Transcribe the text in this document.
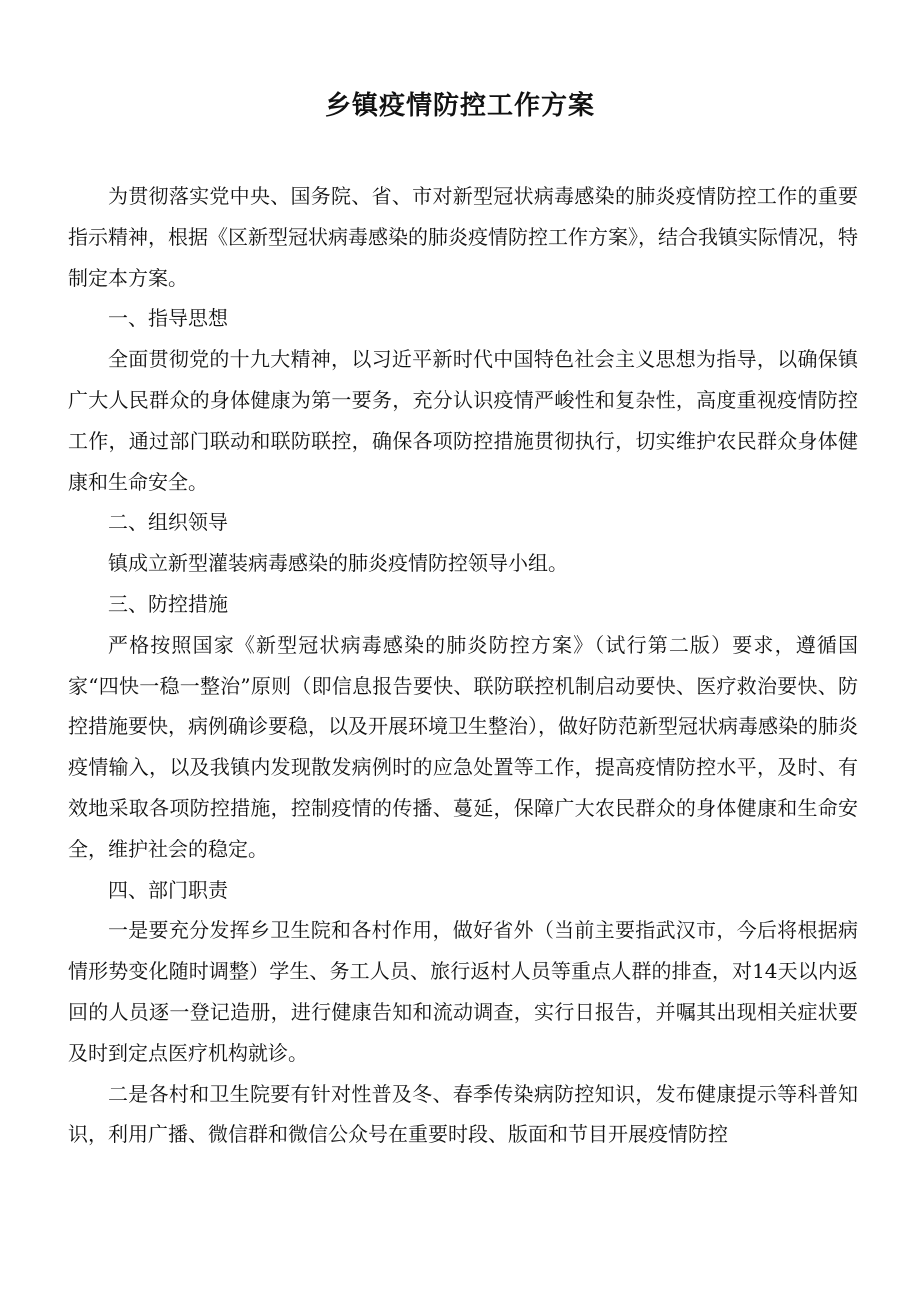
乡镇疫情防控工作方案

为贯彻落实党中央、国务院、省、市对新型冠状病毒感染的肺炎疫情防控工作的重要指示精神，根据《区新型冠状病毒感染的肺炎疫情防控工作方案》，结合我镇实际情况，特制定本方案。

一、指导思想

全面贯彻党的十九大精神，以习近平新时代中国特色社会主义思想为指导，以确保镇广大人民群众的身体健康为第一要务，充分认识疫情严峻性和复杂性，高度重视疫情防控工作，通过部门联动和联防联控，确保各项防控措施贯彻执行，切实维护农民群众身体健康和生命安全。

二、组织领导

镇成立新型灌装病毒感染的肺炎疫情防控领导小组。

三、防控措施

严格按照国家《新型冠状病毒感染的肺炎防控方案》（试行第二版）要求，遵循国家“四快一稳一整治”原则（即信息报告要快、联防联控机制启动要快、医疗救治要快、防控措施要快，病例确诊要稳，以及开展环境卫生整治），做好防范新型冠状病毒感染的肺炎疫情输入，以及我镇内发现散发病例时的应急处置等工作，提高疫情防控水平，及时、有效地采取各项防控措施，控制疫情的传播、蔓延，保障广大农民群众的身体健康和生命安全，维护社会的稳定。

四、部门职责

一是要充分发挥乡卫生院和各村作用，做好省外（当前主要指武汉市，今后将根据病情形势变化随时调整）学生、务工人员、旅行返村人员等重点人群的排查，对14天以内返回的人员逐一登记造册，进行健康告知和流动调查，实行日报告，并嘱其出现相关症状要及时到定点医疗机构就诊。

二是各村和卫生院要有针对性普及冬、春季传染病防控知识，发布健康提示等科普知识，利用广播、微信群和微信公众号在重要时段、版面和节目开展疫情防控
